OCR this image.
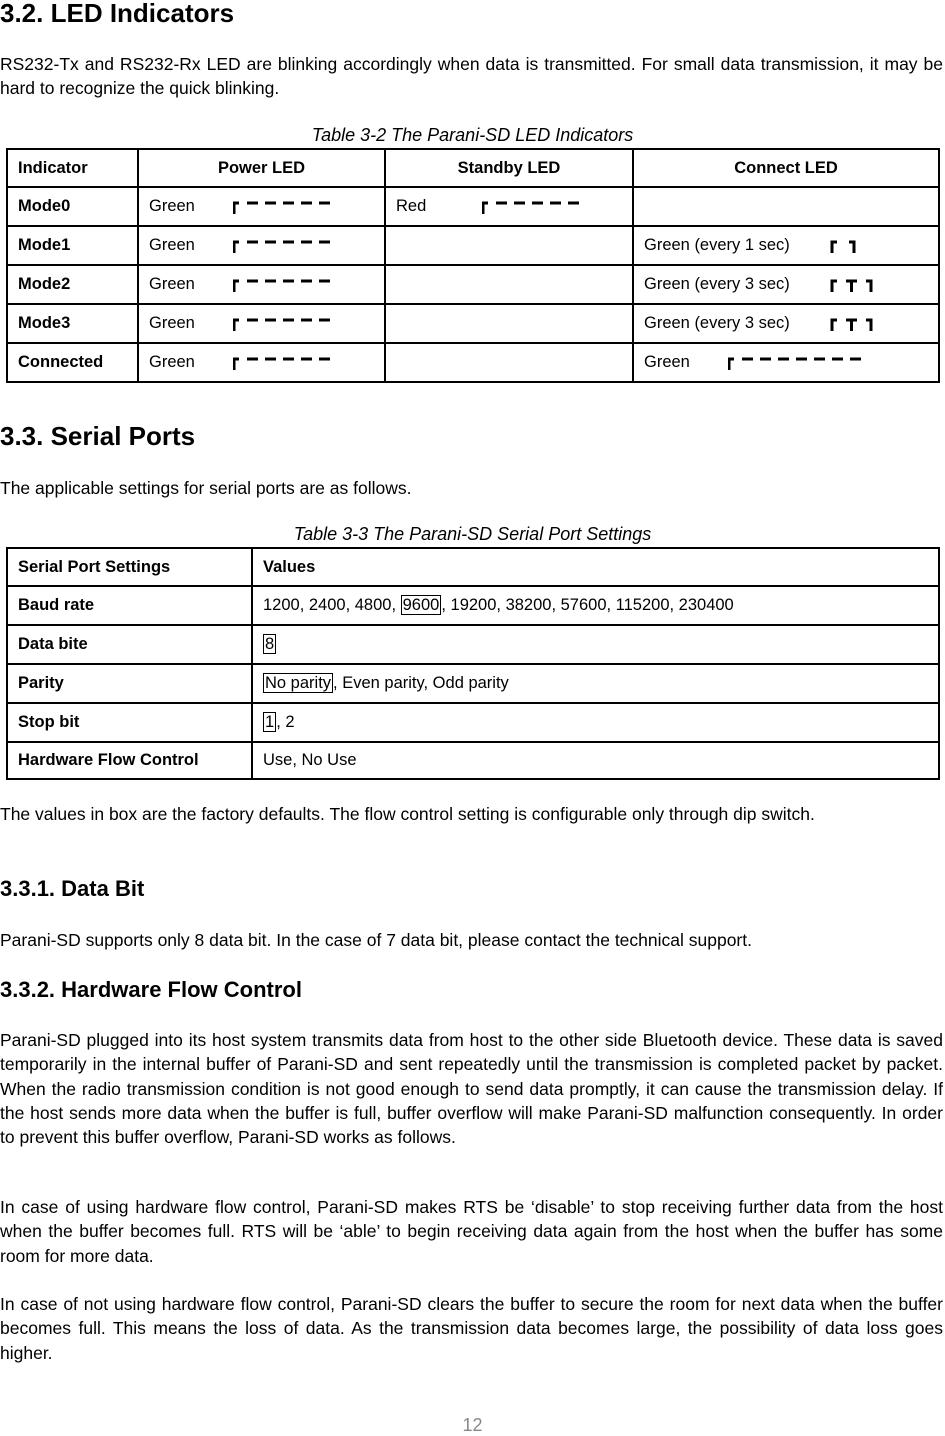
3.2. LED Indicators

RS232-Tx and RS232-Rx LED are blinking accordingly when data is transmitted. For small data transmission, it may be hard to recognize the quick blinking.

Table 3-2 The Parani-SD LED Indicators
Indicator	Power LED	Standby LED	Connect LED
Mode0	Green	Red	

Mode1	Green		Green (every 1 sec)

Mode2	Green		Green (every 3 sec)

Mode3	Green		Green (every 3 sec)

Connected	Green		Green
3.3. Serial Ports

The applicable settings for serial ports are as follows.

Table 3-3 The Parani-SD Serial Port Settings
Serial Port Settings	Values
Baud rate	1200, 2400, 4800, 9600 , 19200, 38200, 57600, 115200, 230400
Data bite	8
Parity	No parity , Even parity, Odd parity
Stop bit	1 , 2
Hardware Flow Control	Use, No Use

The values in box are the factory defaults. The flow control setting is configurable only through dip switch.

3.3.1. Data Bit

Parani-SD supports only 8 data bit. In the case of 7 data bit, please contact the technical support.

3.3.2. Hardware Flow Control

Parani-SD plugged into its host system transmits data from host to the other side Bluetooth device. These data is saved temporarily in the internal buffer of Parani-SD and sent repeatedly until the transmission is completed packet by packet. When the radio transmission condition is not good enough to send data promptly, it can cause the transmission delay. If the host sends more data when the buffer is full, buffer overflow will make Parani-SD malfunction consequently. In order to prevent this buffer overflow, Parani-SD works as follows.

In case of using hardware flow control, Parani-SD makes RTS be ‘disable’ to stop receiving further data from the host when the buffer becomes full. RTS will be ‘able’ to begin receiving data again from the host when the buffer has some room for more data.

In case of not using hardware flow control, Parani-SD clears the buffer to secure the room for next data when the buffer becomes full. This means the loss of data. As the transmission data becomes large, the possibility of data loss goes higher.

12
